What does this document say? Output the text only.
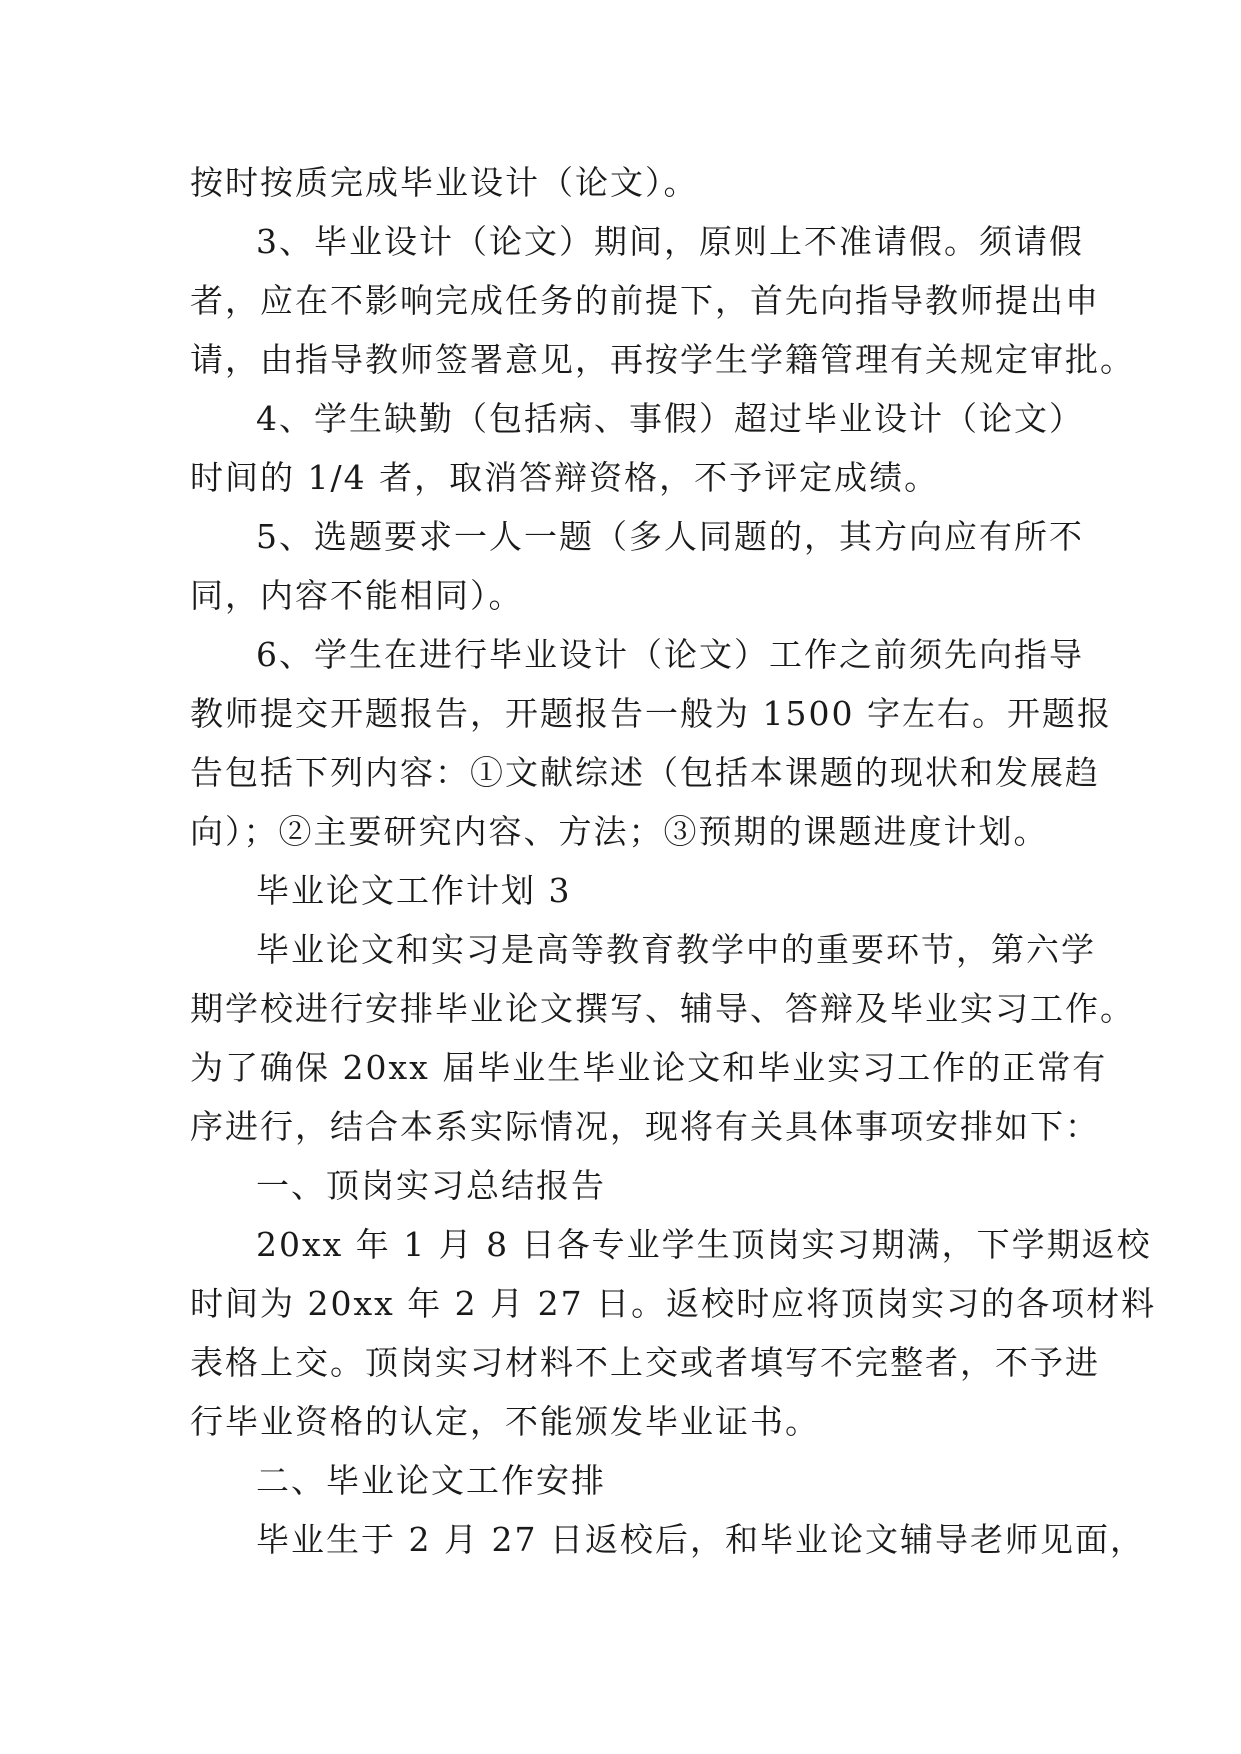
按时按质完成毕业设计（论文）。
3、毕业设计（论文）期间，原则上不准请假。须请假
者，应在不影响完成任务的前提下，首先向指导教师提出申
请，由指导教师签署意见，再按学生学籍管理有关规定审批。
4、学生缺勤（包括病、事假）超过毕业设计（论文）
时间的 1/4 者，取消答辩资格，不予评定成绩。
5、选题要求一人一题（多人同题的，其方向应有所不
同，内容不能相同）。
6、学生在进行毕业设计（论文）工作之前须先向指导
教师提交开题报告，开题报告一般为 1500 字左右。开题报
告包括下列内容：①文献综述（包括本课题的现状和发展趋
向）；②主要研究内容、方法；③预期的课题进度计划。
毕业论文工作计划 3
毕业论文和实习是高等教育教学中的重要环节，第六学
期学校进行安排毕业论文撰写、辅导、答辩及毕业实习工作。
为了确保 20xx 届毕业生毕业论文和毕业实习工作的正常有
序进行，结合本系实际情况，现将有关具体事项安排如下：
一、顶岗实习总结报告
20xx 年 1 月 8 日各专业学生顶岗实习期满，下学期返校
时间为 20xx 年 2 月 27 日。返校时应将顶岗实习的各项材料
表格上交。顶岗实习材料不上交或者填写不完整者，不予进
行毕业资格的认定，不能颁发毕业证书。
二、毕业论文工作安排
毕业生于 2 月 27 日返校后，和毕业论文辅导老师见面，
